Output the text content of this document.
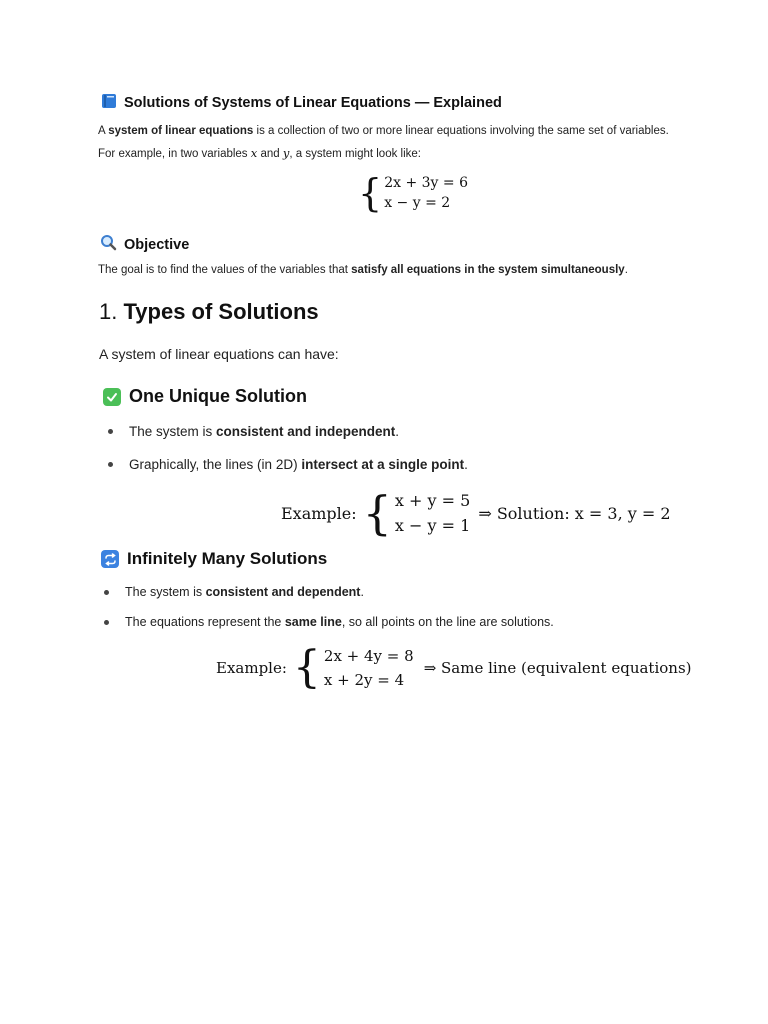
Solutions of Systems of Linear Equations — Explained
A system of linear equations is a collection of two or more linear equations involving the same set of variables. For example, in two variables x and y, a system might look like:
{ 2x + 3y = 6
x − y = 2
Objective
The goal is to find the values of the variables that satisfy all equations in the system simultaneously.
1. Types of Solutions
A system of linear equations can have:
One Unique Solution
The system is consistent and independent.
Graphically, the lines (in 2D) intersect at a single point.
Example: { x + y = 5
x − y = 1
⇒ Solution: x = 3, y = 2
Infinitely Many Solutions
The system is consistent and dependent.
The equations represent the same line, so all points on the line are solutions.
Example: { 2x + 4y = 8
x + 2y = 4
⇒ Same line (equivalent equations)
